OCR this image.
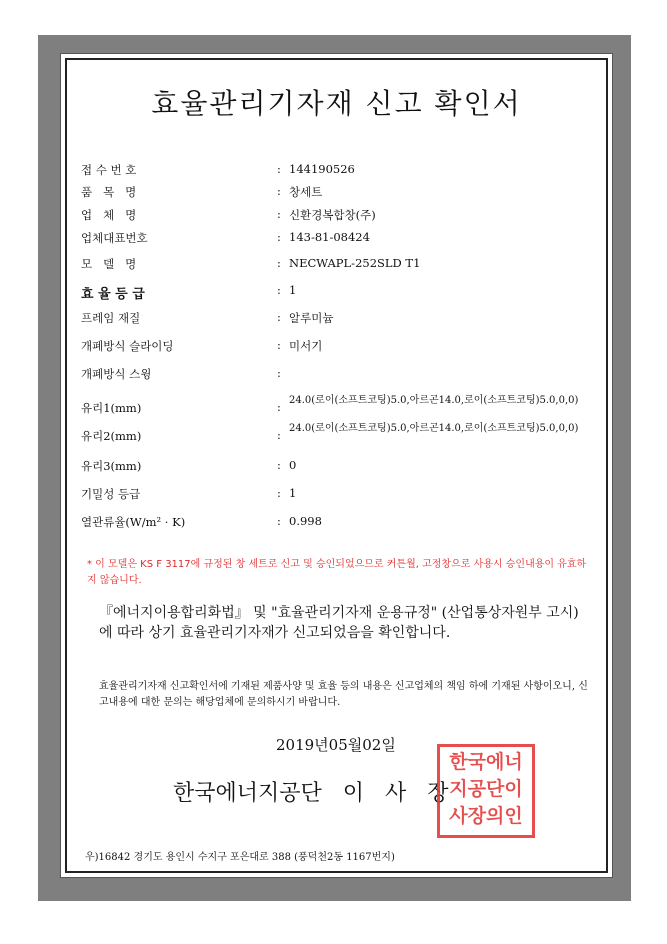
효율관리기자재 신고 확인서
접 수 번 호	: 144190526
품   목   명	: 창세트
업   체   명	: 신환경복합창(주)
업체대표번호	: 143-81-08424
모   델   명	: NECWAPL-252SLD T1
효 율 등 급	: 1
프레임 재질	: 알루미늄
개폐방식 슬라이딩	: 미서기
개폐방식 스윙	:
유리1(mm)	: 24.0(로이(소프트코팅)5.0,아르곤14.0,로이(소프트코팅)5.0,0,0)
유리2(mm)	: 24.0(로이(소프트코팅)5.0,아르곤14.0,로이(소프트코팅)5.0,0,0)
유리3(mm)	: 0
기밀성 등급	: 1
열관류율(W/m² · K)	: 0.998
* 이 모델은 KS F 3117에 규정된 창 세트로 신고 및 승인되었으므로 커튼월, 고정창으로 사용시 승인내용이 유효하지 않습니다.
『에너지이용합리화법』 및 "효율관리기자재 운용규정" (산업통상자원부 고시)에 따라 상기 효율관리기자재가 신고되었음을 확인합니다.
효율관리기자재 신고확인서에 기재된 제품사양 및 효율 등의 내용은 신고업체의 책임 하에 기재된 사항이오니, 신고내용에 대한 문의는 해당업체에 문의하시기 바랍니다.
2019년05월02일
한국에너지공단   이   사   장
한국에너
지공단이
사장의인
우)16842 경기도 용인시 수지구 포은대로 388 (풍덕천2동 1167번지)
